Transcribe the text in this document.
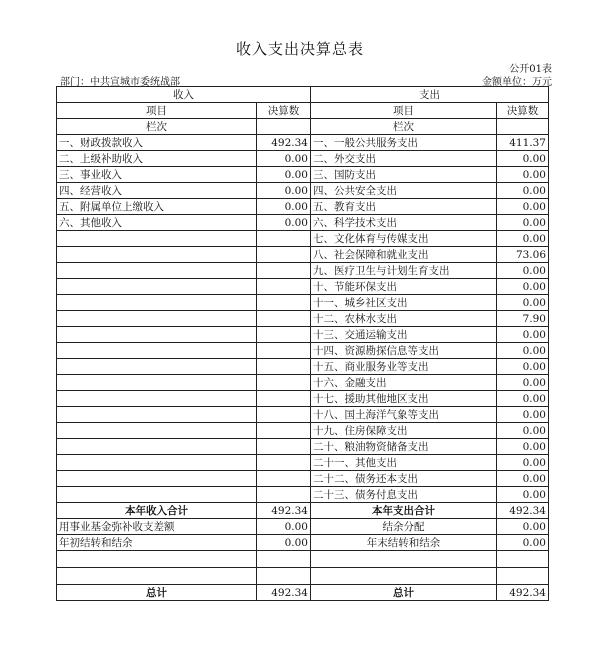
收入支出决算总表
公开01表
部门：中共宣城市委统战部	金额单位：万元
收入		支出	
项目	决算数	项目	决算数
栏次		栏次	
一、财政拨款收入	492.34	一、一般公共服务支出	411.37
二、上级补助收入	0.00	二、外交支出	0.00
三、事业收入	0.00	三、国防支出	0.00
四、经营收入	0.00	四、公共安全支出	0.00
五、附属单位上缴收入	0.00	五、教育支出	0.00
六、其他收入	0.00	六、科学技术支出	0.00
		七、文化体育与传媒支出	0.00
		八、社会保障和就业支出	73.06
		九、医疗卫生与计划生育支出	0.00
		十、节能环保支出	0.00
		十一、城乡社区支出	0.00
		十二、农林水支出	7.90
		十三、交通运输支出	0.00
		十四、资源勘探信息等支出	0.00
		十五、商业服务业等支出	0.00
		十六、金融支出	0.00
		十七、援助其他地区支出	0.00
		十八、国土海洋气象等支出	0.00
		十九、住房保障支出	0.00
		二十、粮油物资储备支出	0.00
		二十一、其他支出	0.00
		二十二、债务还本支出	0.00
		二十三、债务付息支出	0.00
本年收入合计	492.34	本年支出合计	492.34
用事业基金弥补收支差额	0.00	结余分配	0.00
年初结转和结余	0.00	年末结转和结余	0.00

总计	492.34	总计	492.34
